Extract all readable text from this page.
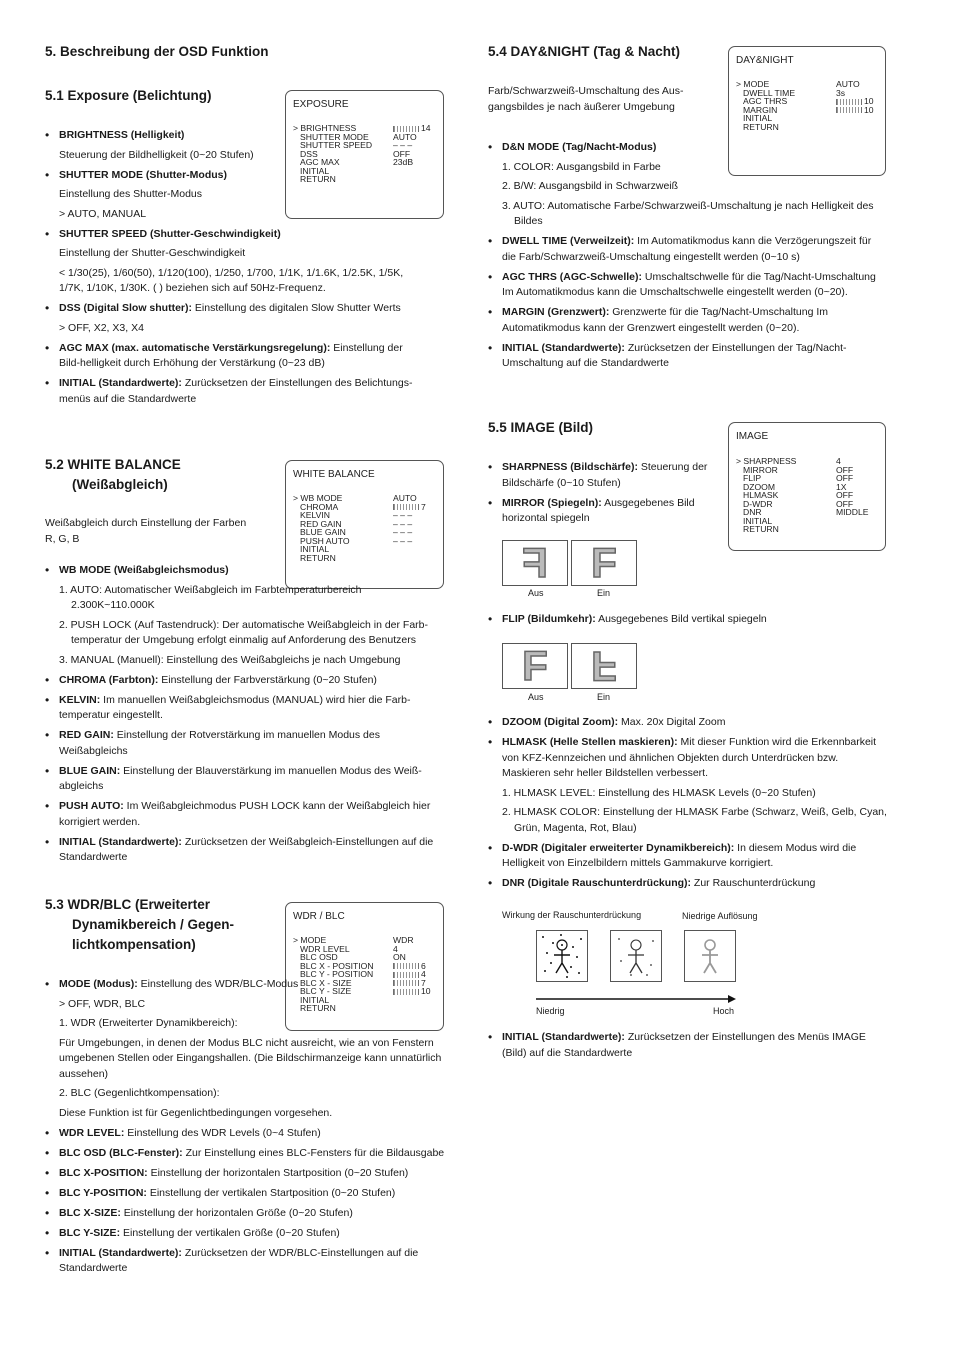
5. Beschreibung der OSD Funktion
5.1 Exposure (Belichtung)
EXPOSURE
> BRIGHTNESS	14
SHUTTER MODE	AUTO
SHUTTER SPEED – – –
DSS	OFF
AGC MAX	23dB
INITIAL
RETURN
• BRIGHTNESS (Helligkeit)
Steuerung der Bildhelligkeit (0~20 Stufen)
• SHUTTER MODE (Shutter-Modus)
Einstellung des Shutter-Modus
> AUTO, MANUAL
• SHUTTER SPEED (Shutter-Geschwindigkeit)
Einstellung der Shutter-Geschwindigkeit
< 1/30(25), 1/60(50), 1/120(100), 1/250, 1/700, 1/1K, 1/1.6K, 1/2.5K, 1/5K, 1/7K, 1/10K, 1/30K. ( ) beziehen sich auf 50Hz-Frequenz.
• DSS (Digital Slow shutter): Einstellung des digitalen Slow Shutter Werts
> OFF, X2, X3, X4
• AGC MAX (max. automatische Verstärkungsregelung): Einstellung der Bild-helligkeit durch Erhöhung der Verstärkung (0~23 dB)
• INITIAL (Standardwerte): Zurücksetzen der Einstellungen des Belichtungs-menüs auf die Standardwerte
5.2 WHITE BALANCE
(Weißabgleich)
WHITE BALANCE
> WB MODE	AUTO
CHROMA	7
KELVIN	– – –
RED GAIN	– – –
BLUE GAIN	– – –
PUSH AUTO	– – –
INITIAL
RETURN

Weißabgleich durch Einstellung der Farben R, G, B

• WB MODE (Weißabgleichsmodus)
1. AUTO: Automatischer Weißabgleich im Farbtemperaturbereich 2.300K~110.000K
2. PUSH LOCK (Auf Tastendruck): Der automatische Weißabgleich in der Farb-temperatur der Umgebung erfolgt einmalig auf Anforderung des Benutzers
3. MANUAL (Manuell): Einstellung des Weißabgleichs je nach Umgebung
• CHROMA (Farbton): Einstellung der Farbverstärkung (0~20 Stufen)
• KELVIN: Im manuellen Weißabgleichsmodus (MANUAL) wird hier die Farb-temperatur eingestellt.
• RED GAIN: Einstellung der Rotverstärkung im manuellen Modus des Weißabgleichs
• BLUE GAIN: Einstellung der Blauverstärkung im manuellen Modus des Weiß-abgleichs
• PUSH AUTO: Im Weißabgleichmodus PUSH LOCK kann der Weißabgleich hier korrigiert werden.
• INITIAL (Standardwerte): Zurücksetzen der Weißabgleich-Einstellungen auf die Standardwerte
5.3 WDR/BLC (Erweiterter
Dynamikbereich / Gegen-
lichtkompensation)
WDR / BLC
> MODE	WDR
WDR LEVEL	4
BLC OSD	ON
BLC X - POSITION	6
BLC Y - POSITION	4
BLC X - SIZE	7
BLC Y - SIZE	10
INITIAL
RETURN
• MODE (Modus): Einstellung des WDR/BLC-Modus
> OFF, WDR, BLC
1. WDR (Erweiterter Dynamikbereich):
Für Umgebungen, in denen der Modus BLC nicht ausreicht, wie an von Fenstern umgebenen Stellen oder Eingangshallen. (Die Bildschirmanzeige kann unnatürlich aussehen)
2. BLC (Gegenlichtkompensation):
Diese Funktion ist für Gegenlichtbedingungen vorgesehen.
• WDR LEVEL: Einstellung des WDR Levels (0~4 Stufen)
• BLC OSD (BLC-Fenster): Zur Einstellung eines BLC-Fensters für die Bildausgabe
• BLC X-POSITION: Einstellung der horizontalen Startposition (0~20 Stufen)
• BLC Y-POSITION: Einstellung der vertikalen Startposition (0~20 Stufen)
• BLC X-SIZE: Einstellung der horizontalen Größe (0~20 Stufen)
• BLC Y-SIZE: Einstellung der vertikalen Größe (0~20 Stufen)
• INITIAL (Standardwerte): Zurücksetzen der WDR/BLC-Einstellungen auf die Standardwerte
5.4 DAY&NIGHT (Tag & Nacht)
DAY&NIGHT
> MODE	AUTO
DWELL TIME	3s
AGC THRS	10
MARGIN	10
INITIAL
RETURN

Farb/Schwarzweiß-Umschaltung des Aus-gangsbildes je nach äußerer Umgebung

• D&N MODE (Tag/Nacht-Modus)
1. COLOR: Ausgangsbild in Farbe
2. B/W: Ausgangsbild in Schwarzweiß
3. AUTO: Automatische Farbe/Schwarzweiß-Umschaltung je nach Helligkeit des Bildes
• DWELL TIME (Verweilzeit): Im Automatikmodus kann die Verzögerungszeit für die Farb/Schwarzweiß-Umschaltung eingestellt werden (0~10 s)
• AGC THRS (AGC-Schwelle): Umschaltschwelle für die Tag/Nacht-Umschaltung Im Automatikmodus kann die Umschaltschwelle eingestellt werden (0~20).
• MARGIN (Grenzwert): Grenzwerte für die Tag/Nacht-Umschaltung Im Automatikmodus kann der Grenzwert eingestellt werden (0~20).
• INITIAL (Standardwerte): Zurücksetzen der Einstellungen der Tag/Nacht-Umschaltung auf die Standardwerte
5.5 IMAGE (Bild)
IMAGE
> SHARPNESS	4
MIRROR	OFF
FLIP	OFF
DZOOM	1X
HLMASK	OFF
D-WDR	OFF
DNR	MIDDLE
INITIAL
RETURN
• SHARPNESS (Bildschärfe): Steuerung der Bildschärfe (0~10 Stufen)
• MIRROR (Spiegeln): Ausgegebenes Bild horizontal spiegeln
F	F
Aus	Ein
• FLIP (Bildumkehr): Ausgegebenes Bild vertikal spiegeln
F	F
Aus	Ein
• DZOOM (Digital Zoom): Max. 20x Digital Zoom
• HLMASK (Helle Stellen maskieren): Mit dieser Funktion wird die Erkennbarkeit von KFZ-Kennzeichen und ähnlichen Objekten durch Unterdrücken bzw. Maskieren sehr heller Bildstellen verbessert.
1. HLMASK LEVEL: Einstellung des HLMASK Levels (0~20 Stufen)
2. HLMASK COLOR: Einstellung der HLMASK Farbe (Schwarz, Weiß, Gelb, Cyan, Grün, Magenta, Rot, Blau)
• D-WDR (Digitaler erweiterter Dynamikbereich): In diesem Modus wird die Helligkeit von Einzelbildern mittels Gammakurve korrigiert.
• DNR (Digitale Rauschunterdrückung): Zur Rauschunterdrückung
Wirkung der Rauschunterdrückung	Niedrige Auflösung
Niedrig	Hoch
• INITIAL (Standardwerte): Zurücksetzen der Einstellungen des Menüs IMAGE (Bild) auf die Standardwerte
